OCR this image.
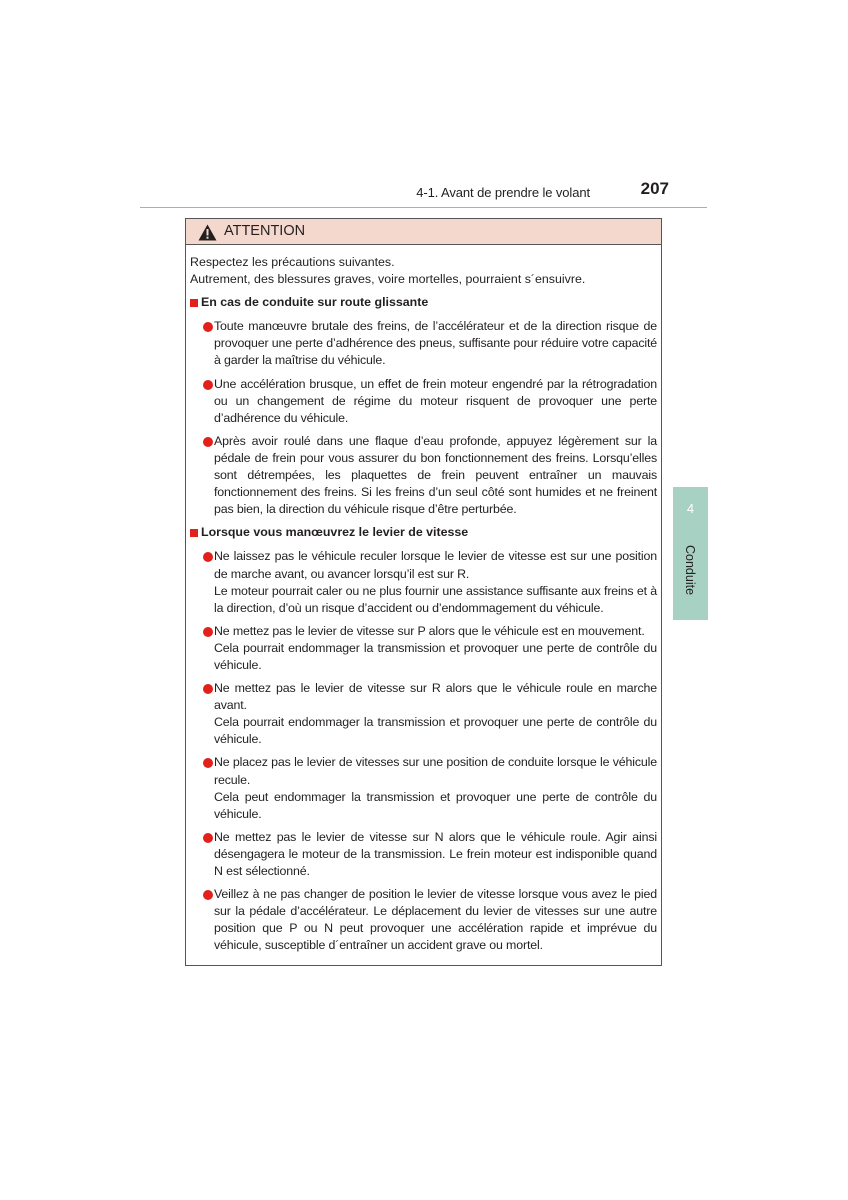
4-1. Avant de prendre le volant	207
4
Conduite
ATTENTION

Respectez les précautions suivantes.

Autrement, des blessures graves, voire mortelles, pourraient s´ensuivre.

En cas de conduite sur route glissante

Toute manœuvre brutale des freins, de l’accélérateur et de la direction risque de provoquer une perte d’adhérence des pneus, suffisante pour réduire votre capacité à garder la maîtrise du véhicule.

Une accélération brusque, un effet de frein moteur engendré par la rétrogradation ou un changement de régime du moteur risquent de provoquer une perte d’adhérence du véhicule.

Après avoir roulé dans une flaque d’eau profonde, appuyez légèrement sur la pédale de frein pour vous assurer du bon fonctionnement des freins. Lorsqu’elles sont détrempées, les plaquettes de frein peuvent entraîner un mauvais fonctionnement des freins. Si les freins d’un seul côté sont humides et ne freinent pas bien, la direction du véhicule risque d’être perturbée.

Lorsque vous manœuvrez le levier de vitesse

Ne laissez pas le véhicule reculer lorsque le levier de vitesse est sur une position de marche avant, ou avancer lorsqu’il est sur R.

Le moteur pourrait caler ou ne plus fournir une assistance suffisante aux freins et à la direction, d’où un risque d’accident ou d’endommagement du véhicule.

Ne mettez pas le levier de vitesse sur P alors que le véhicule est en mouvement.

Cela pourrait endommager la transmission et provoquer une perte de contrôle du véhicule.

Ne mettez pas le levier de vitesse sur R alors que le véhicule roule en marche avant.

Cela pourrait endommager la transmission et provoquer une perte de contrôle du véhicule.

Ne placez pas le levier de vitesses sur une position de conduite lorsque le véhicule recule.

Cela peut endommager la transmission et provoquer une perte de contrôle du véhicule.

Ne mettez pas le levier de vitesse sur N alors que le véhicule roule. Agir ainsi désengagera le moteur de la transmission. Le frein moteur est indisponible quand N est sélectionné.

Veillez à ne pas changer de position le levier de vitesse lorsque vous avez le pied sur la pédale d’accélérateur. Le déplacement du levier de vitesses sur une autre position que P ou N peut provoquer une accélération rapide et imprévue du véhicule, susceptible d´entraîner un accident grave ou mortel.
